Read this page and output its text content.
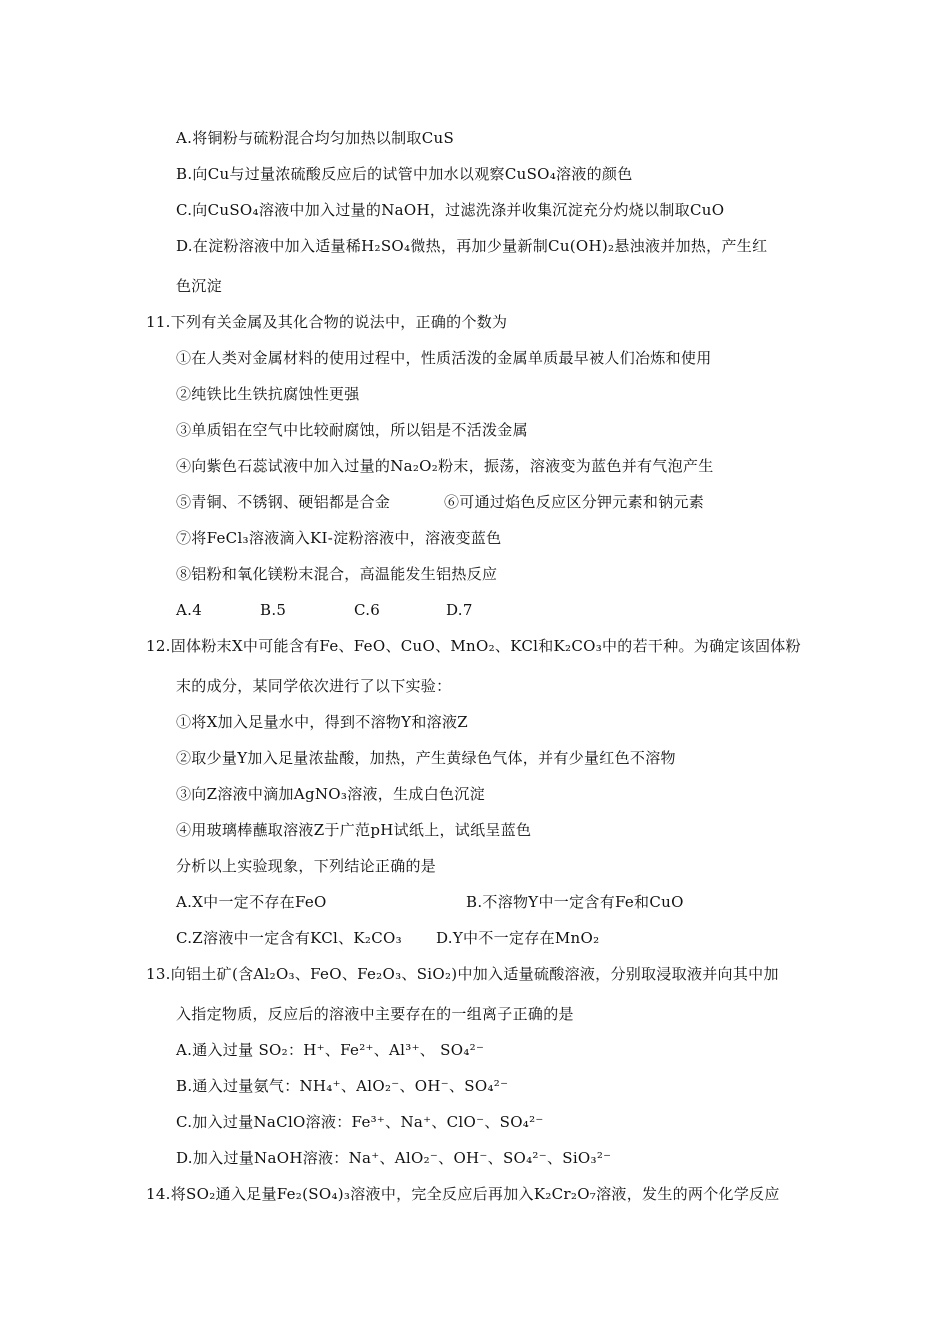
A.将铜粉与硫粉混合均匀加热以制取CuS
B.向Cu与过量浓硫酸反应后的试管中加水以观察CuSO₄溶液的颜色
C.向CuSO₄溶液中加入过量的NaOH，过滤洗涤并收集沉淀充分灼烧以制取CuO
D.在淀粉溶液中加入适量稀H₂SO₄微热，再加少量新制Cu(OH)₂悬浊液并加热，产生红
色沉淀
11.下列有关金属及其化合物的说法中，正确的个数为
①在人类对金属材料的使用过程中，性质活泼的金属单质最早被人们冶炼和使用
②纯铁比生铁抗腐蚀性更强
③单质铝在空气中比较耐腐蚀，所以铝是不活泼金属
④向紫色石蕊试液中加入过量的Na₂O₂粉末，振荡，溶液变为蓝色并有气泡产生
⑤青铜、不锈钢、硬铝都是合金	⑥可通过焰色反应区分钾元素和钠元素
⑦将FeCl₃溶液滴入KI-淀粉溶液中，溶液变蓝色
⑧铝粉和氧化镁粉末混合，高温能发生铝热反应
A.4	B.5	C.6	D.7
12.固体粉末X中可能含有Fe、FeO、CuO、MnO₂、KCl和K₂CO₃中的若干种。为确定该固体粉
末的成分，某同学依次进行了以下实验：
①将X加入足量水中，得到不溶物Y和溶液Z
②取少量Y加入足量浓盐酸，加热，产生黄绿色气体，并有少量红色不溶物
③向Z溶液中滴加AgNO₃溶液，生成白色沉淀
④用玻璃棒蘸取溶液Z于广范pH试纸上，试纸呈蓝色
分析以上实验现象，下列结论正确的是
A.X中一定不存在FeO	B.不溶物Y中一定含有Fe和CuO
C.Z溶液中一定含有KCl、K₂CO₃ D.Y中不一定存在MnO₂
13.向铝土矿(含Al₂O₃、FeO、Fe₂O₃、SiO₂)中加入适量硫酸溶液，分别取浸取液并向其中加
入指定物质，反应后的溶液中主要存在的一组离子正确的是
A.通入过量 SO₂：H⁺、Fe²⁺、Al³⁺、 SO₄²⁻
B.通入过量氨气：NH₄⁺、AlO₂⁻、OH⁻、SO₄²⁻
C.加入过量NaClO溶液：Fe³⁺、Na⁺、ClO⁻、SO₄²⁻
D.加入过量NaOH溶液：Na⁺、AlO₂⁻、OH⁻、SO₄²⁻、SiO₃²⁻
14.将SO₂通入足量Fe₂(SO₄)₃溶液中，完全反应后再加入K₂Cr₂O₇溶液，发生的两个化学反应
